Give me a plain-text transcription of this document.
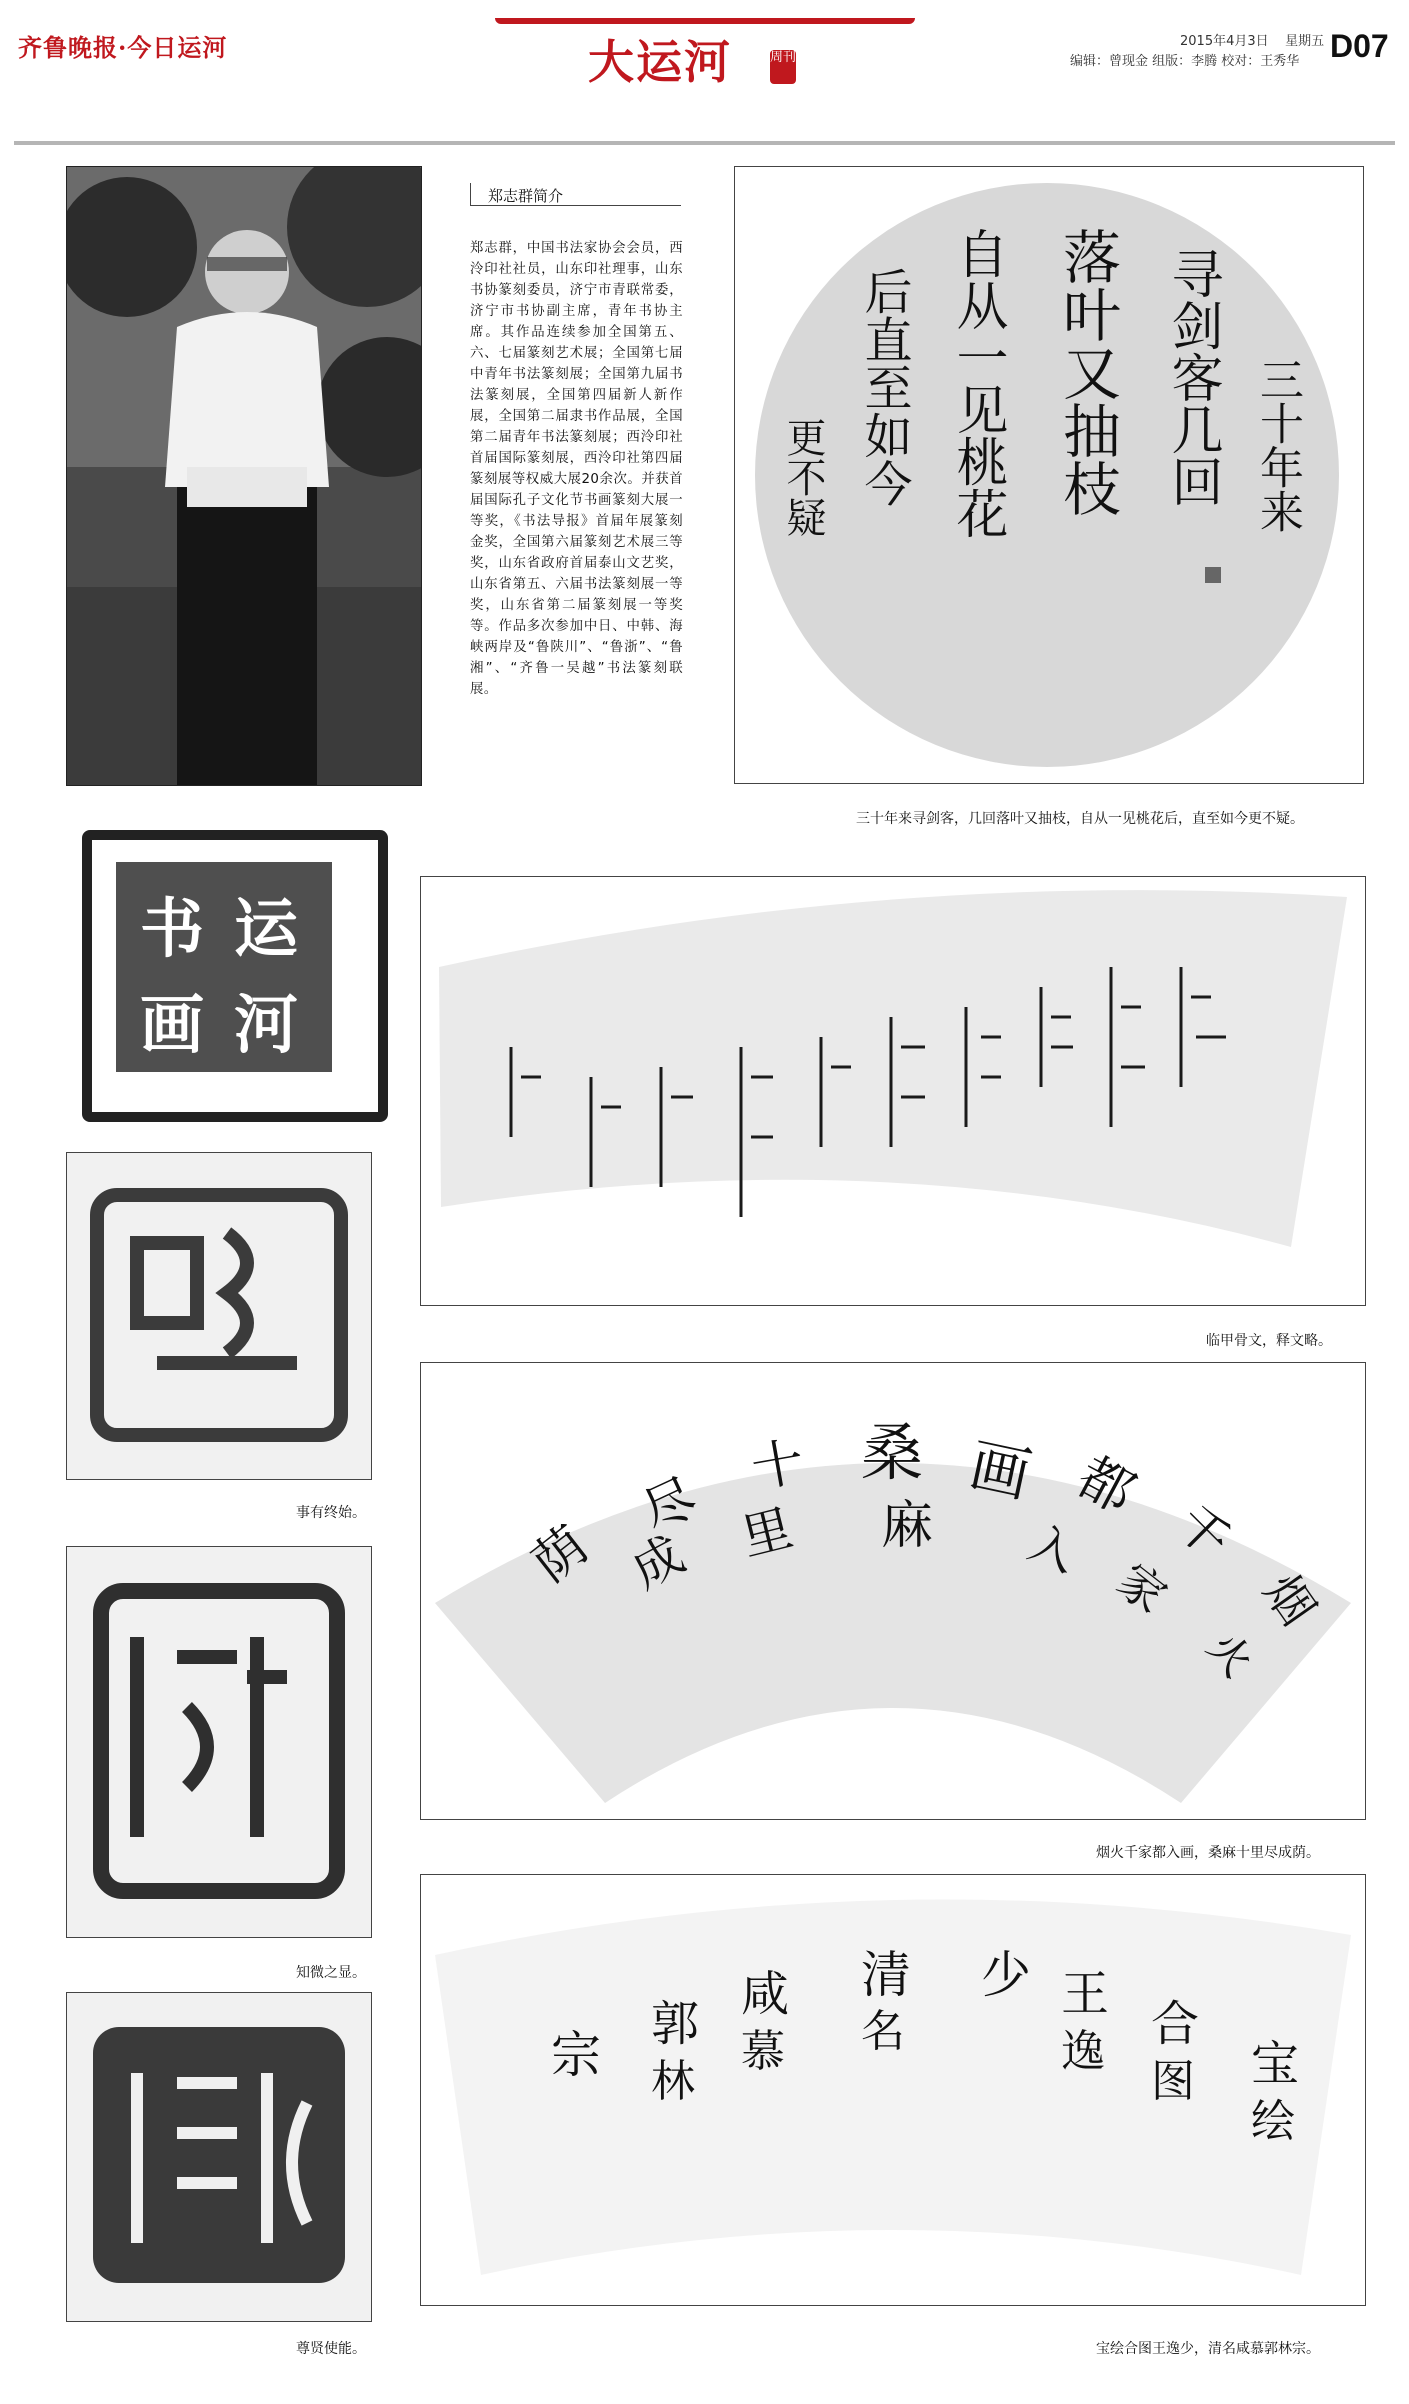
齐鲁晚报·今日运河	大运河	周刊
2015年4月3日 星期五
编辑：曾现金 组版：李腾 校对：王秀华 D07
郑志群简介
郑志群，中国书法家协会会员，西泠印社社员，山东印社理事，山东书协篆刻委员，济宁市青联常委，济宁市书协副主席，青年书协主席。其作品连续参加全国第五、六、七届篆刻艺术展；全国第七届中青年书法篆刻展；全国第九届书法篆刻展，全国第四届新人新作展，全国第二届隶书作品展，全国第二届青年书法篆刻展；西泠印社首届国际篆刻展，西泠印社第四届篆刻展等权威大展20余次。并获首届国际孔子文化节书画篆刻大展一等奖，《书法导报》首届年展篆刻金奖，全国第六届篆刻艺术展三等奖，山东省政府首届泰山文艺奖，山东省第五、六届书法篆刻展一等奖，山东省第二届篆刻展一等奖等。作品多次参加中日、中韩、海峡两岸及“鲁陕川”、“鲁浙”、“鲁湘”、“齐鲁一吴越”书法篆刻联展。
三十年来
寻剑客几回
落叶又抽枝
自从一见桃花
后直至如今
更不疑
三十年来寻剑客，几回落叶又抽枝，自从一见桃花后，直至如今更不疑。
书 运
画 河
事有终始。
知微之显。
尊贤使能。
临甲骨文，释文略。
烟
火
千
家
都
入
画
桑
麻
十
里
尽
成
荫
烟火千家都入画，桑麻十里尽成荫。
宝
绘
合
图
王
逸
少
清
名
咸
慕
郭
林
宗
宝绘合图王逸少，清名咸慕郭林宗。
